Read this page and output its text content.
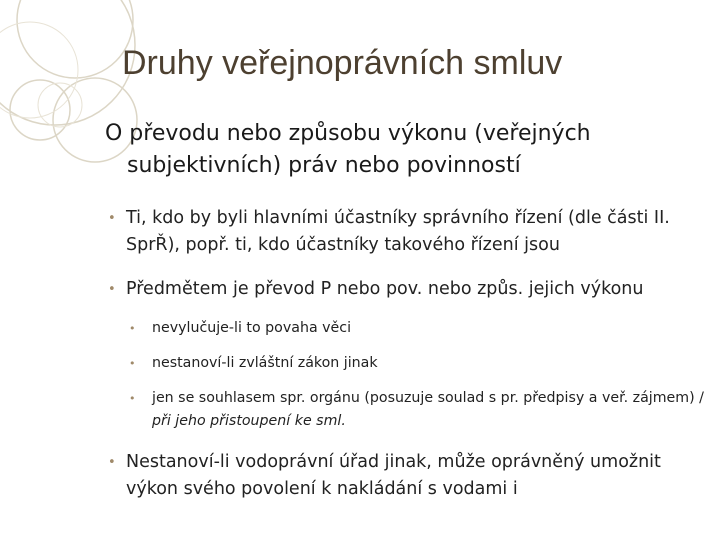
Druhy veřejnoprávních smluv
O převodu nebo způsobu výkonu (veřejných subjektivních) práv nebo povinností
• Ti, kdo by byli hlavními účastníky správního řízení (dle části II. SprŘ), popř. ti, kdo účastníky takového řízení jsou
• Předmětem je převod P nebo pov. nebo způs. jejich výkonu
• nevylučuje-li to povaha věci
• nestanoví-li zvláštní zákon jinak
• jen se souhlasem spr. orgánu (posuzuje soulad s pr. předpisy a veř. zájmem) / při jeho přistoupení ke sml.
• Nestanoví-li vodoprávní úřad jinak, může oprávněný umožnit výkon svého povolení k nakládání s vodami i
